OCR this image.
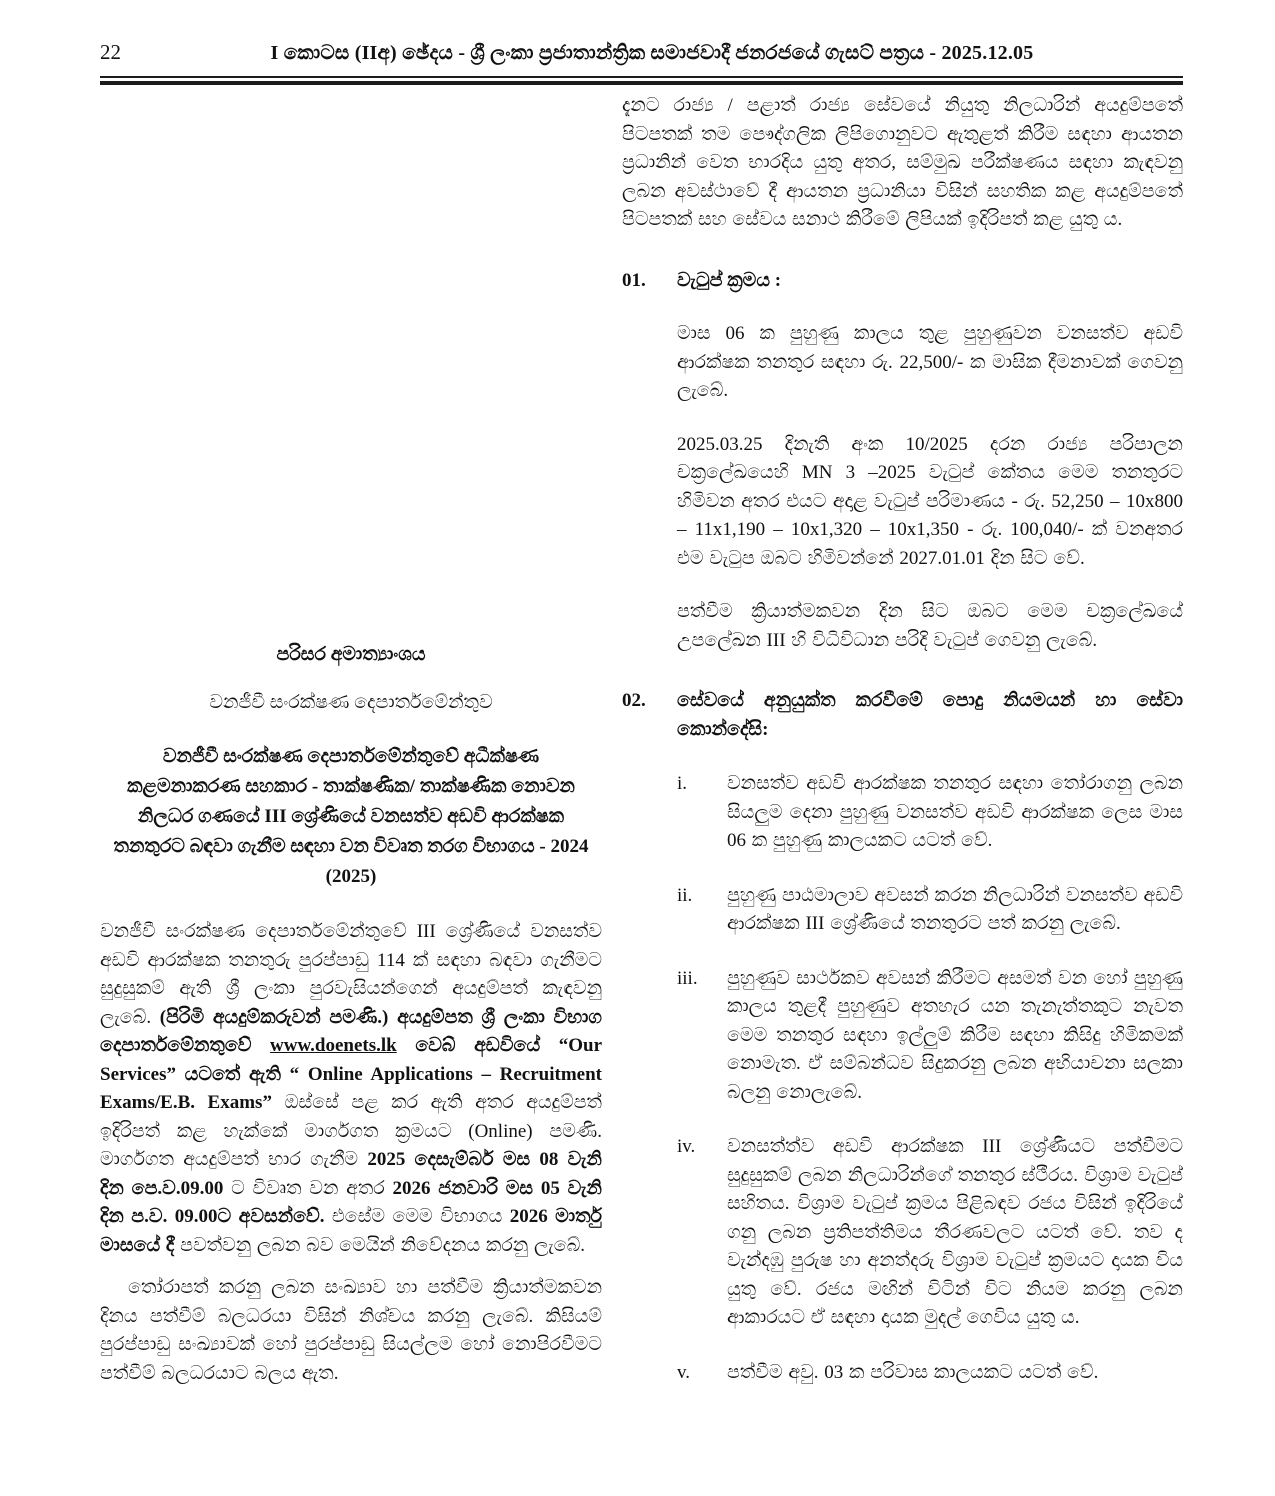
22	I කොටස (IIඅ) ඡේදය - ශ්‍රී ලංකා ප්‍රජාතාන්ත්‍රික සමාජවාදී ජනරජයේ ගැසට් පත්‍රය - 2025.12.05
පරිසර අමාත්‍යාංශය
වනජීවී සංරක්ෂණ දෙපාර්තමේන්තුව
වනජීවී සංරක්ෂණ දෙපාර්තමේන්තුවේ අධීක්ෂණ කළමනාකරණ සහකාර - තාක්ෂණික/ තාක්ෂණික නොවන නිලධර ගණයේ III ශ්‍රේණියේ වනසත්ව අඩවි ආරක්ෂක තනතුරට බඳවා ගැනීම සඳහා වන විවෘත තරග විභාගය - 2024 (2025)

වනජීවී සංරක්ෂණ දෙපාර්තමේන්තුවේ III ශ්‍රේණියේ වනසත්ව අඩවි ආරක්ෂක තනතුරු පුරප්පාඩු 114 ක් සඳහා බඳවා ගැනීමට සුදුසුකම් ඇති ශ්‍රී ලංකා පුරවැසියන්ගෙන් අයදුම්පත් කැඳවනු ලැබේ. (පිරිමි අයදුම්කරුවන් පමණි.) අයදුම්පත ශ්‍රී ලංකා විභාග දෙපාර්තමේනතුවේ www.doenets.lk වෙබ් අඩවියේ “Our Services” යටතේ ඇති “ Online Applications – Recruitment Exams/E.B. Exams” ඔස්සේ පළ කර ඇති අතර අයදුම්පත් ඉදිරිපත් කළ හැක්කේ මාර්ගගත ක්‍රමයට (Online) පමණි. මාර්ගගත අයදුම්පත් භාර ගැනීම 2025 දෙසැම්බර් මස 08 වැනි දින පෙ.ව.09.00 ට විවෘත වන අතර 2026 ජනවාරි මස 05 වැනි දින ප.ව. 09.00ට අවසන්වේ. එසේම මෙම විභාගය 2026 මාර්තු මාසයේ දී පවත්වනු ලබන බව මෙයින් නිවේදනය කරනු ලැබේ.

තෝරාපත් කරනු ලබන සංඛ්‍යාව හා පත්වීම ක්‍රියාත්මකවන දිනය පත්වීම් බලධරයා විසින් නිශ්චය කරනු ලැබේ. කිසියම් පුරප්පාඩු සංඛ්‍යාවක් හෝ පුරප්පාඩු සියල්ලම හෝ නොපිරවීමට පත්වීම් බලධරයාට බලය ඇත.

දැනට රාජ්‍ය / පළාත් රාජ්‍ය සේවයේ නියුතු නිලධාරින් අයදුම්පතේ පිටපතක් තම පෞද්ගලික ලිපිගොනුවට ඇතුළත් කිරීම සඳහා ආයතන ප්‍රධානින් වෙත භාරදිය යුතු අතර, සම්මුඛ පරීක්ෂණය සඳහා කැඳවනු ලබන අවස්ථාවේ දී ආයතන ප්‍රධානියා විසින් සහතික කළ අයදුම්පතේ පිටපතක් සහ සේවය සනාථ කිරීමේ ලිපියක් ඉදිරිපත් කළ යුතු ය.

01.	වැටුප් ක්‍රමය :

මාස 06 ක පුහුණු කාලය තුළ පුහුණුවන වනසත්ව අඩවි ආරක්ෂක තනතුර සඳහා රු. 22,500/- ක මාසික දීමනාවක් ගෙවනු ලැබේ.

2025.03.25 දිනැති අංක 10/2025 දරන රාජ්‍ය පරිපාලන චක්‍රලේඛයෙහි MN 3 –2025 වැටුප් කේතය මෙම තනතුරට හිමිවන අතර එයට අදාළ වැටුප් පරිමාණය - රු. 52,250 – 10x800 – 11x1,190 – 10x1,320 – 10x1,350 - රු. 100,040/- ක් වනඅතර එම වැටුප ඔබට හිමිවන්නේ 2027.01.01 දින සිට වේ.

පත්වීම ක්‍රියාත්මකවන දින සිට ඔබට මෙම චක්‍රලේඛයේ උපලේඛන III හි විධිවිධාන පරිදි වැටුප් ගෙවනු ලැබේ.

02.	සේවයේ අනුයුක්ත කරවීමේ පොදු නියමයන් හා සේවා කොන්දේසි:
i.	වනසත්ව අඩවි ආරක්ෂක තනතුර සඳහා තෝරාගනු ලබන සියලුම දෙනා පුහුණු වනසත්ව අඩවි ආරක්ෂක ලෙස මාස 06 ක පුහුණු කාලයකට යටත් වේ.

ii.	පුහුණු පාඨමාලාව අවසන් කරන නිලධාරින් වනසත්ව අඩවි ආරක්ෂක III ශ්‍රේණියේ තනතුරට පත් කරනු ලැබේ.

iii.	පුහුණුව සාර්ථකව අවසන් කිරීමට අසමත් වන හෝ පුහුණු කාලය තුළදී පුහුණුව අතහැර යන තැනැත්තකුට නැවත මෙම තනතුර සඳහා ඉල්ලුම් කිරීම සඳහා කිසිදු හිමිකමක් නොමැත. ඒ සම්බන්ධව සිදුකරනු ලබන අභියාචනා සලකා බලනු නොලැබේ.

iv.	වනසත්ත්ව අඩවි ආරක්ෂක III ශ්‍රේණියට පත්වීමට සුදුසුකම් ලබන නිලධාරින්ගේ තනතුර ස්ථීරය. විශ්‍රාම වැටුප් සහිතය. විශ්‍රාම වැටුප් ක්‍රමය පිළිබඳව රජය විසින් ඉදිරියේ ගනු ලබන ප්‍රතිපත්තිමය තීරණවලට යටත් වේ. තව ද වැන්දඹු පුරුෂ හා අනත්දරු විශ්‍රාම වැටුප් ක්‍රමයට දායක විය යුතු වේ. රජය මඟින් විටින් විට නියම කරනු ලබන ආකාරයට ඒ සඳහා දායක මුදල් ගෙවිය යුතු ය.

v.	පත්වීම අවු. 03 ක පරිවාස කාලයකට යටත් වේ.
